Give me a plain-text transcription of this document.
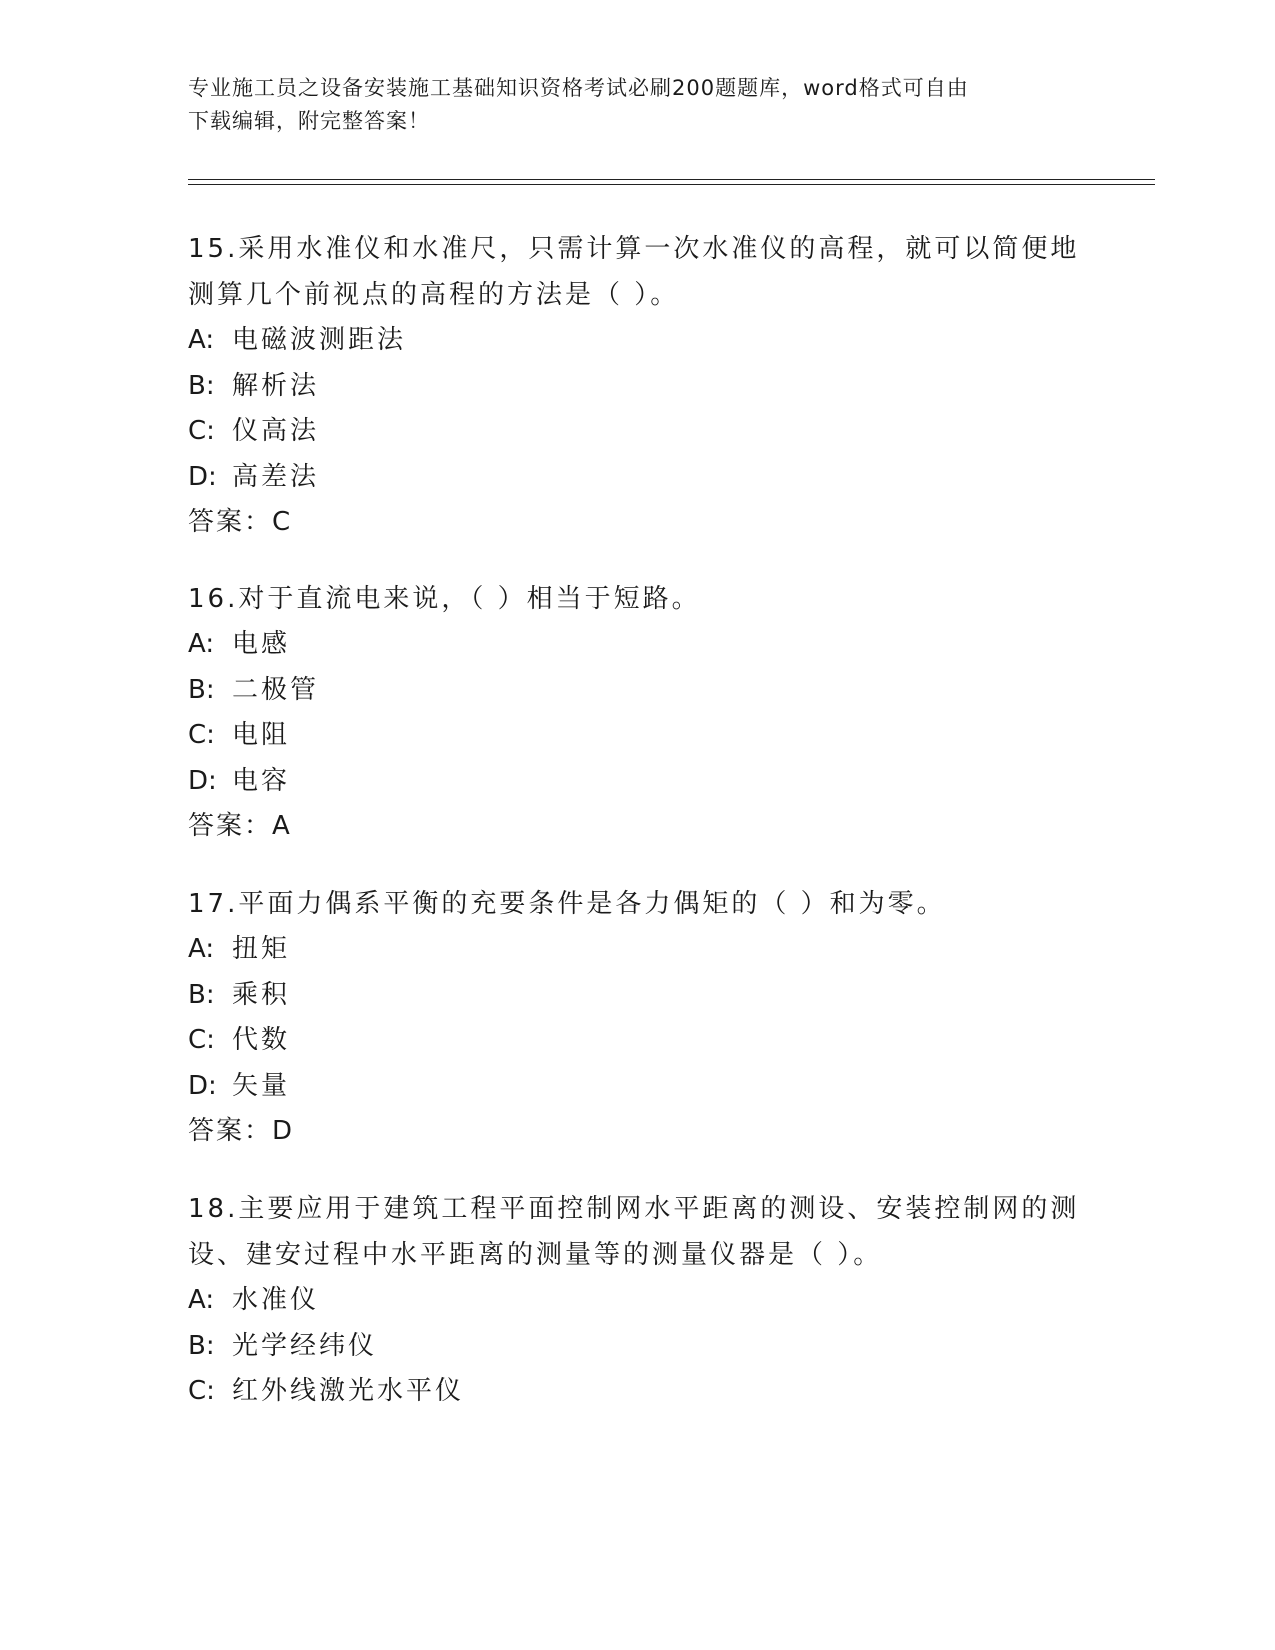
专业施工员之设备安装施工基础知识资格考试必刷200题题库，word格式可自由
下载编辑，附完整答案！
15.采用水准仪和水准尺，只需计算一次水准仪的高程，就可以简便地
测算几个前视点的高程的方法是（ ）。
A: 电磁波测距法
B: 解析法
C: 仪高法
D: 高差法
答案：C
16.对于直流电来说，（ ）相当于短路。
A: 电感
B: 二极管
C: 电阻
D: 电容
答案：A
17.平面力偶系平衡的充要条件是各力偶矩的（ ）和为零。
A: 扭矩
B: 乘积
C: 代数
D: 矢量
答案：D
18.主要应用于建筑工程平面控制网水平距离的测设、安装控制网的测
设、建安过程中水平距离的测量等的测量仪器是（ ）。
A: 水准仪
B: 光学经纬仪
C: 红外线激光水平仪
